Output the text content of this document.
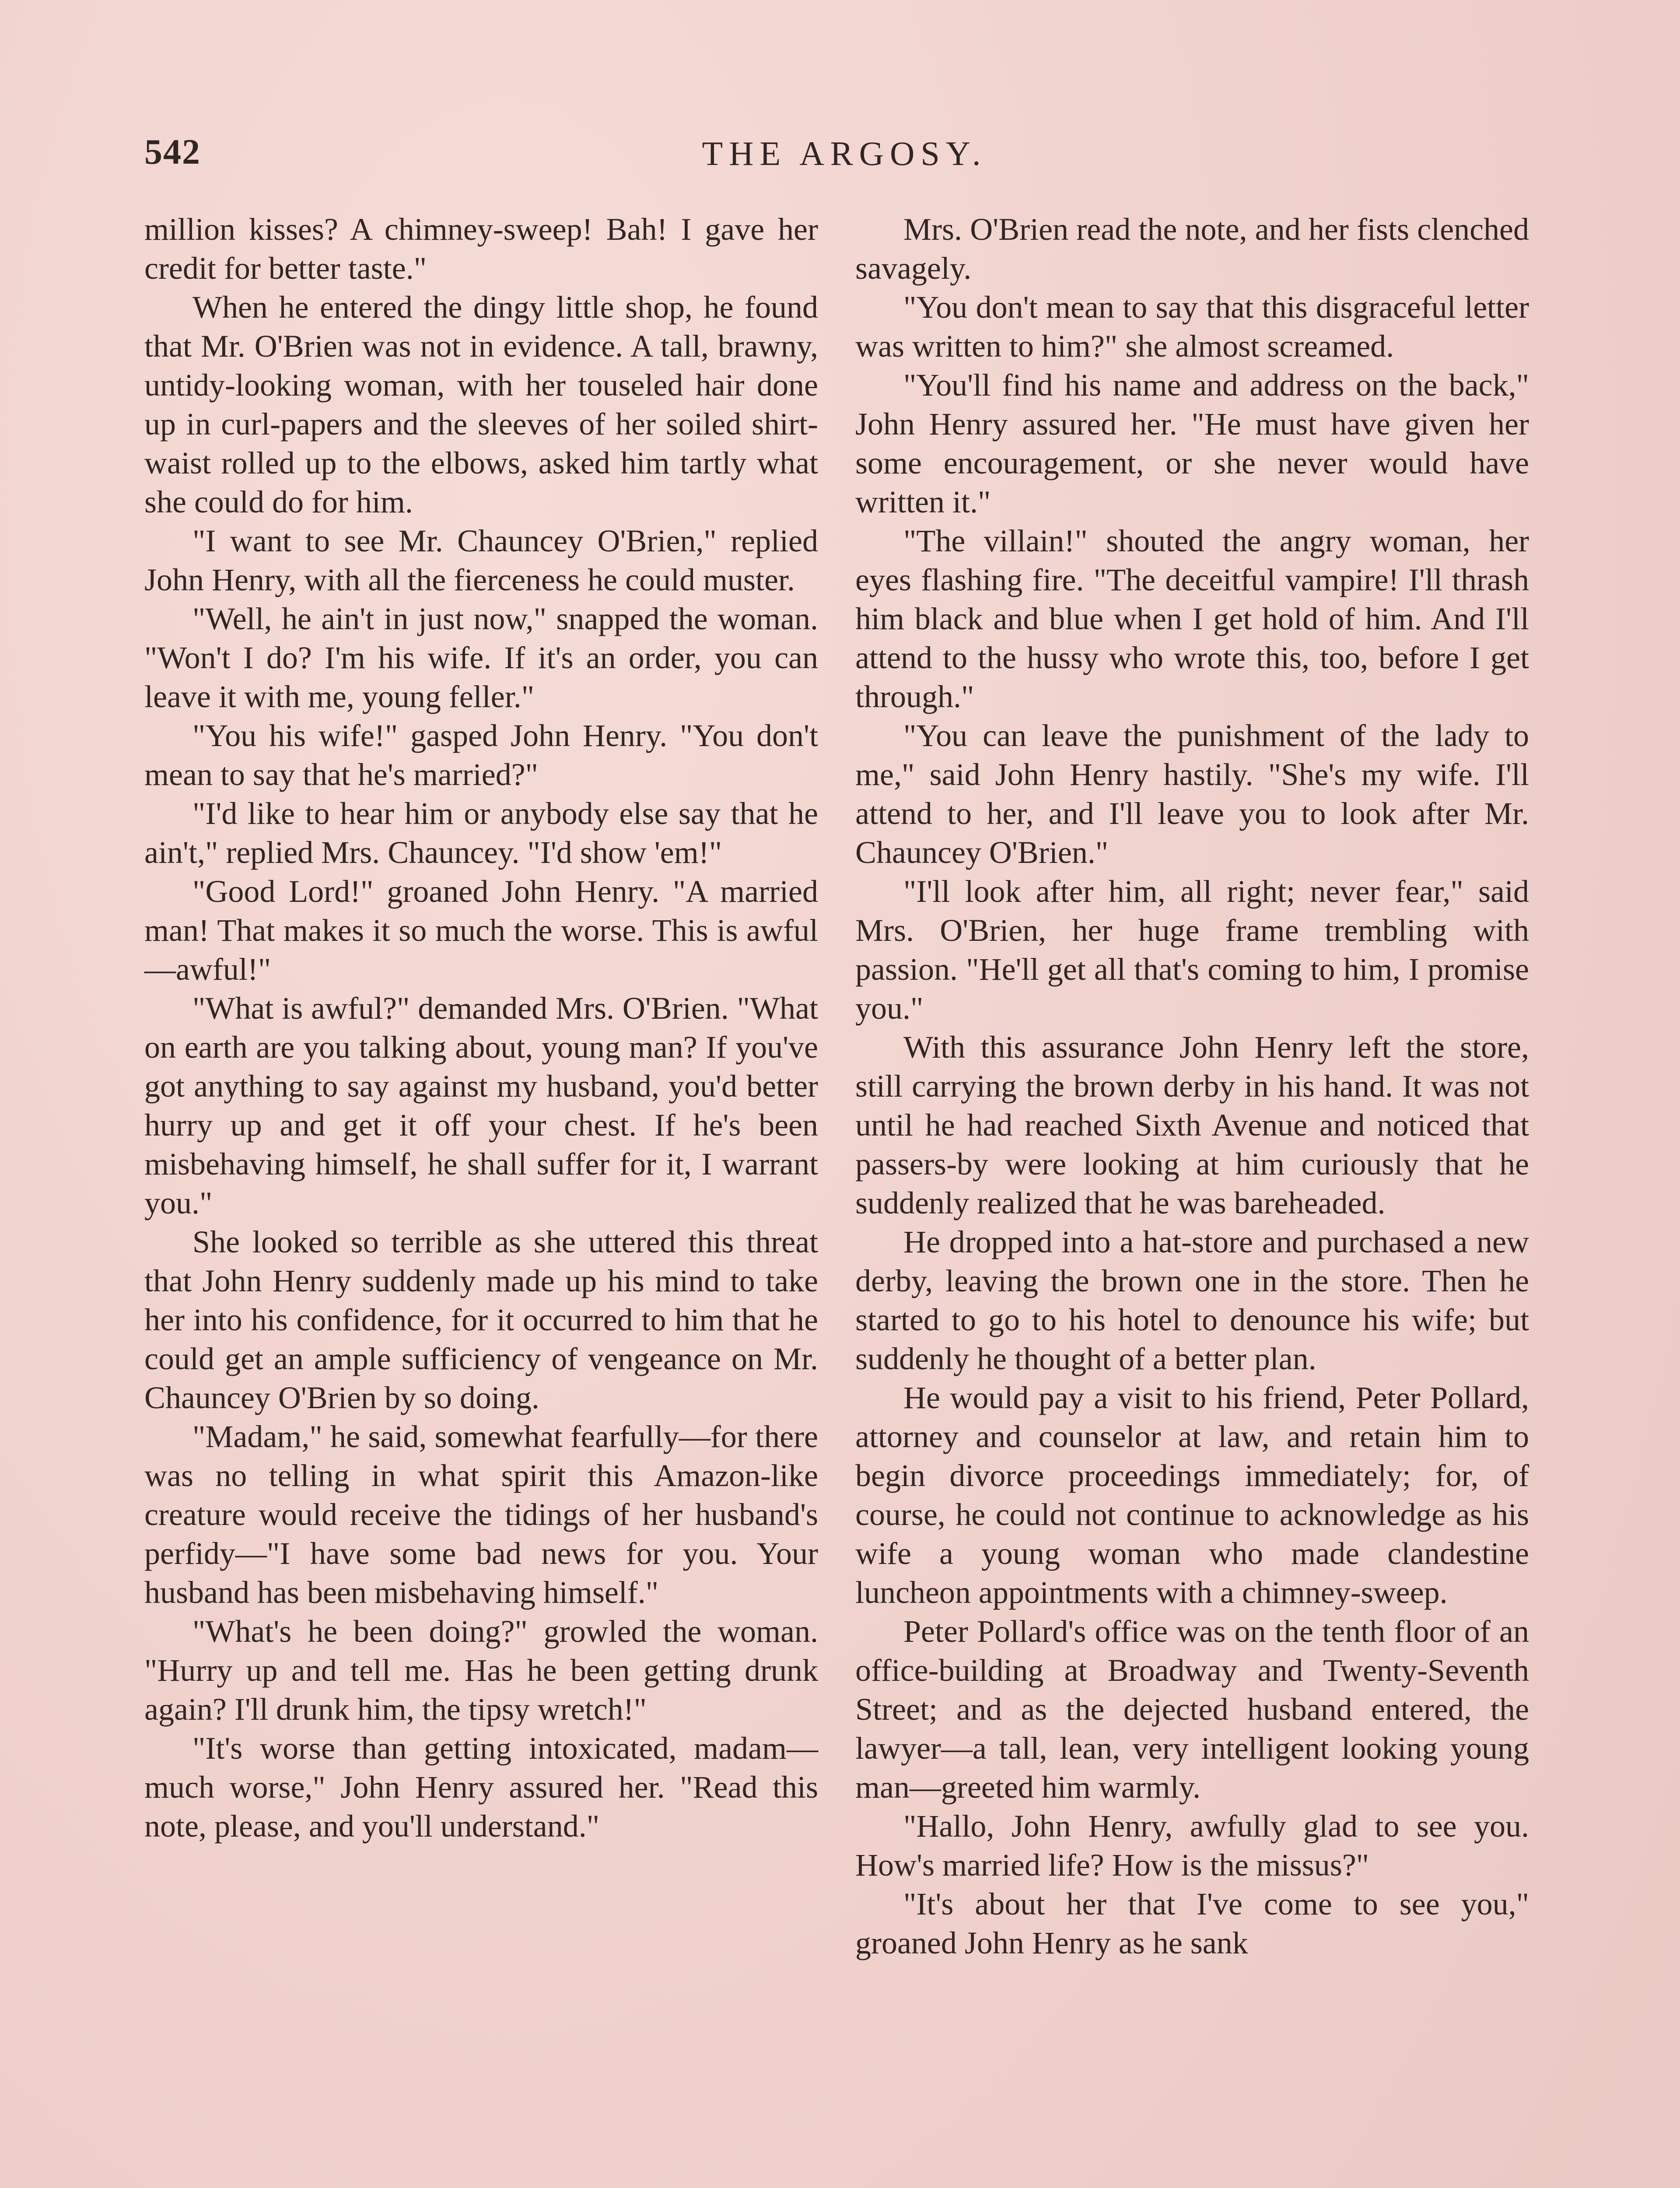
542	THE ARGOSY.

million kisses? A chimney-sweep! Bah! I gave her credit for better taste."

When he entered the dingy little shop, he found that Mr. O'Brien was not in evidence. A tall, brawny, untidy-looking woman, with her touseled hair done up in curl-papers and the sleeves of her soiled shirt-waist rolled up to the elbows, asked him tartly what she could do for him.

"I want to see Mr. Chauncey O'Brien," replied John Henry, with all the fierceness he could muster.

"Well, he ain't in just now," snapped the woman. "Won't I do? I'm his wife. If it's an order, you can leave it with me, young feller."

"You his wife!" gasped John Henry. "You don't mean to say that he's married?"

"I'd like to hear him or anybody else say that he ain't," replied Mrs. Chauncey. "I'd show 'em!"

"Good Lord!" groaned John Henry. "A married man! That makes it so much the worse. This is awful—awful!"

"What is awful?" demanded Mrs. O'Brien. "What on earth are you talking about, young man? If you've got anything to say against my husband, you'd better hurry up and get it off your chest. If he's been misbehaving himself, he shall suffer for it, I warrant you."

She looked so terrible as she uttered this threat that John Henry suddenly made up his mind to take her into his confidence, for it occurred to him that he could get an ample sufficiency of vengeance on Mr. Chauncey O'Brien by so doing.

"Madam," he said, somewhat fearfully—for there was no telling in what spirit this Amazon-like creature would receive the tidings of her husband's perfidy—"I have some bad news for you. Your husband has been misbehaving himself."

"What's he been doing?" growled the woman. "Hurry up and tell me. Has he been getting drunk again? I'll drunk him, the tipsy wretch!"

"It's worse than getting intoxicated, madam—much worse," John Henry assured her. "Read this note, please, and you'll understand."

Mrs. O'Brien read the note, and her fists clenched savagely.

"You don't mean to say that this disgraceful letter was written to him?" she almost screamed.

"You'll find his name and address on the back," John Henry assured her. "He must have given her some encouragement, or she never would have written it."

"The villain!" shouted the angry woman, her eyes flashing fire. "The deceitful vampire! I'll thrash him black and blue when I get hold of him. And I'll attend to the hussy who wrote this, too, before I get through."

"You can leave the punishment of the lady to me," said John Henry hastily. "She's my wife. I'll attend to her, and I'll leave you to look after Mr. Chauncey O'Brien."

"I'll look after him, all right; never fear," said Mrs. O'Brien, her huge frame trembling with passion. "He'll get all that's coming to him, I promise you."

With this assurance John Henry left the store, still carrying the brown derby in his hand. It was not until he had reached Sixth Avenue and noticed that passers-by were looking at him curiously that he suddenly realized that he was bareheaded.

He dropped into a hat-store and purchased a new derby, leaving the brown one in the store. Then he started to go to his hotel to denounce his wife; but suddenly he thought of a better plan.

He would pay a visit to his friend, Peter Pollard, attorney and counselor at law, and retain him to begin divorce proceedings immediately; for, of course, he could not continue to acknowledge as his wife a young woman who made clandestine luncheon appointments with a chimney-sweep.

Peter Pollard's office was on the tenth floor of an office-building at Broadway and Twenty-Seventh Street; and as the dejected husband entered, the lawyer—a tall, lean, very intelligent looking young man—greeted him warmly.

"Hallo, John Henry, awfully glad to see you. How's married life? How is the missus?"

"It's about her that I've come to see you," groaned John Henry as he sank
